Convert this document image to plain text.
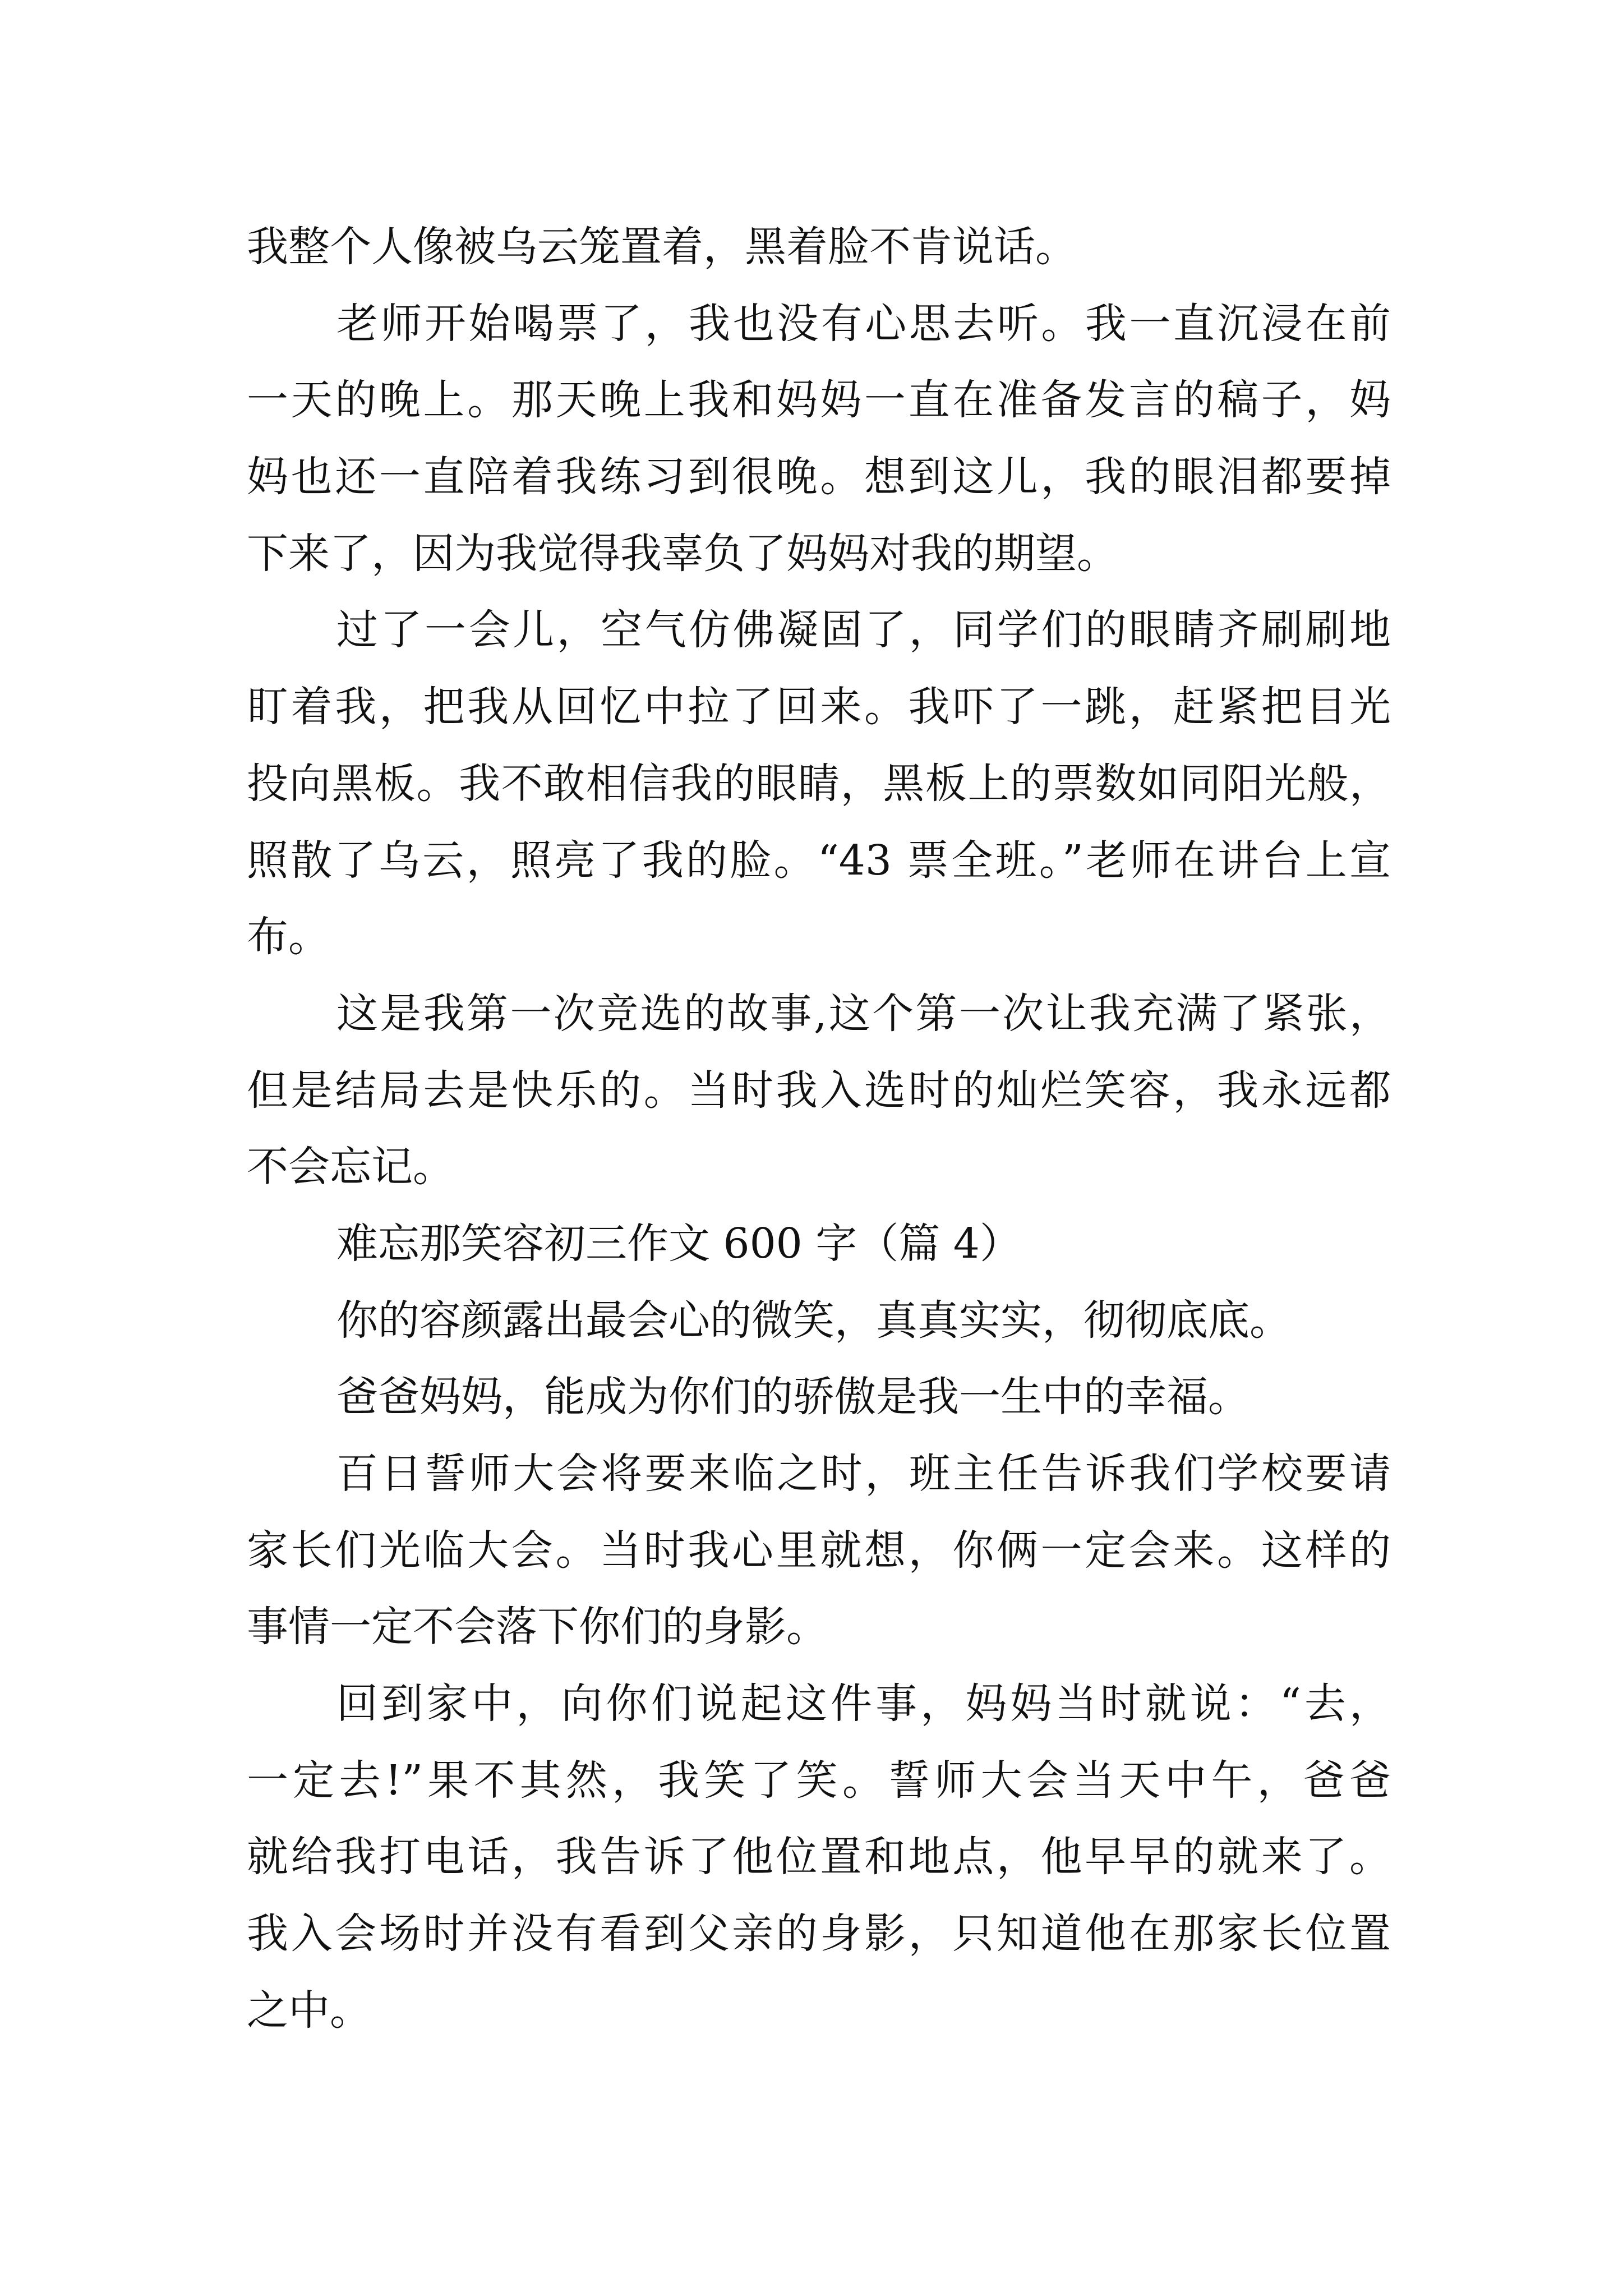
我整个人像被乌云笼置着，黑着脸不肯说话。
老师开始喝票了，我也没有心思去听。我一直沉浸在前
一天的晚上。那天晚上我和妈妈一直在准备发言的稿子，妈
妈也还一直陪着我练习到很晚。想到这儿，我的眼泪都要掉
下来了，因为我觉得我辜负了妈妈对我的期望。
过了一会儿，空气仿佛凝固了，同学们的眼睛齐刷刷地
盯着我，把我从回忆中拉了回来。我吓了一跳，赶紧把目光
投向黑板。我不敢相信我的眼睛，黑板上的票数如同阳光般，
照散了乌云，照亮了我的脸。“43 票全班。”老师在讲台上宣
布。
这是我第一次竞选的故事,这个第一次让我充满了紧张，
但是结局去是快乐的。当时我入选时的灿烂笑容，我永远都
不会忘记。
难忘那笑容初三作文 600 字（篇 4）
你的容颜露出最会心的微笑，真真实实，彻彻底底。
爸爸妈妈，能成为你们的骄傲是我一生中的幸福。
百日誓师大会将要来临之时，班主任告诉我们学校要请
家长们光临大会。当时我心里就想，你俩一定会来。这样的
事情一定不会落下你们的身影。
回到家中，向你们说起这件事，妈妈当时就说：“去，
一定去!”果不其然，我笑了笑。誓师大会当天中午，爸爸
就给我打电话，我告诉了他位置和地点，他早早的就来了。
我入会场时并没有看到父亲的身影，只知道他在那家长位置
之中。
